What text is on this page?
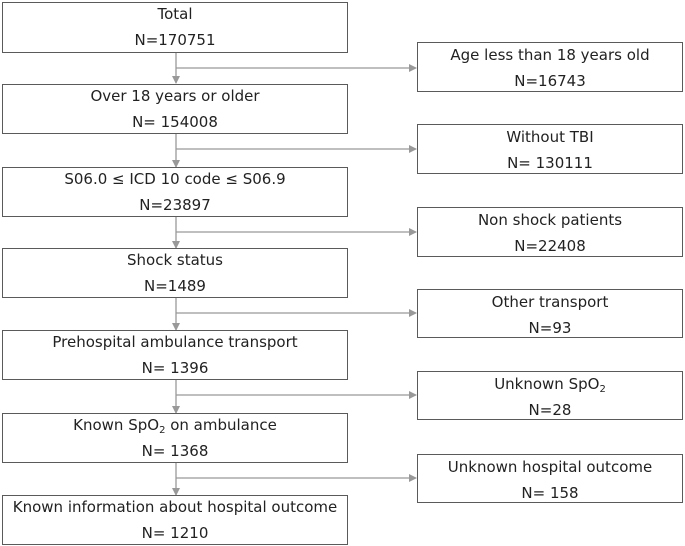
Total
N=170751
Over 18 years or older
N= 154008
S06.0 ≤ ICD 10 code ≤ S06.9
N=23897
Shock status
N=1489
Prehospital ambulance transport
N= 1396
Known SpO$_2$ on ambulance
N= 1368
Known information about hospital outcome
N= 1210
Age less than 18 years old
N=16743
Without TBI
N= 130111
Non shock patients
N=22408
Other transport
N=93
Unknown SpO$_2$
N=28
Unknown hospital outcome
N= 158
